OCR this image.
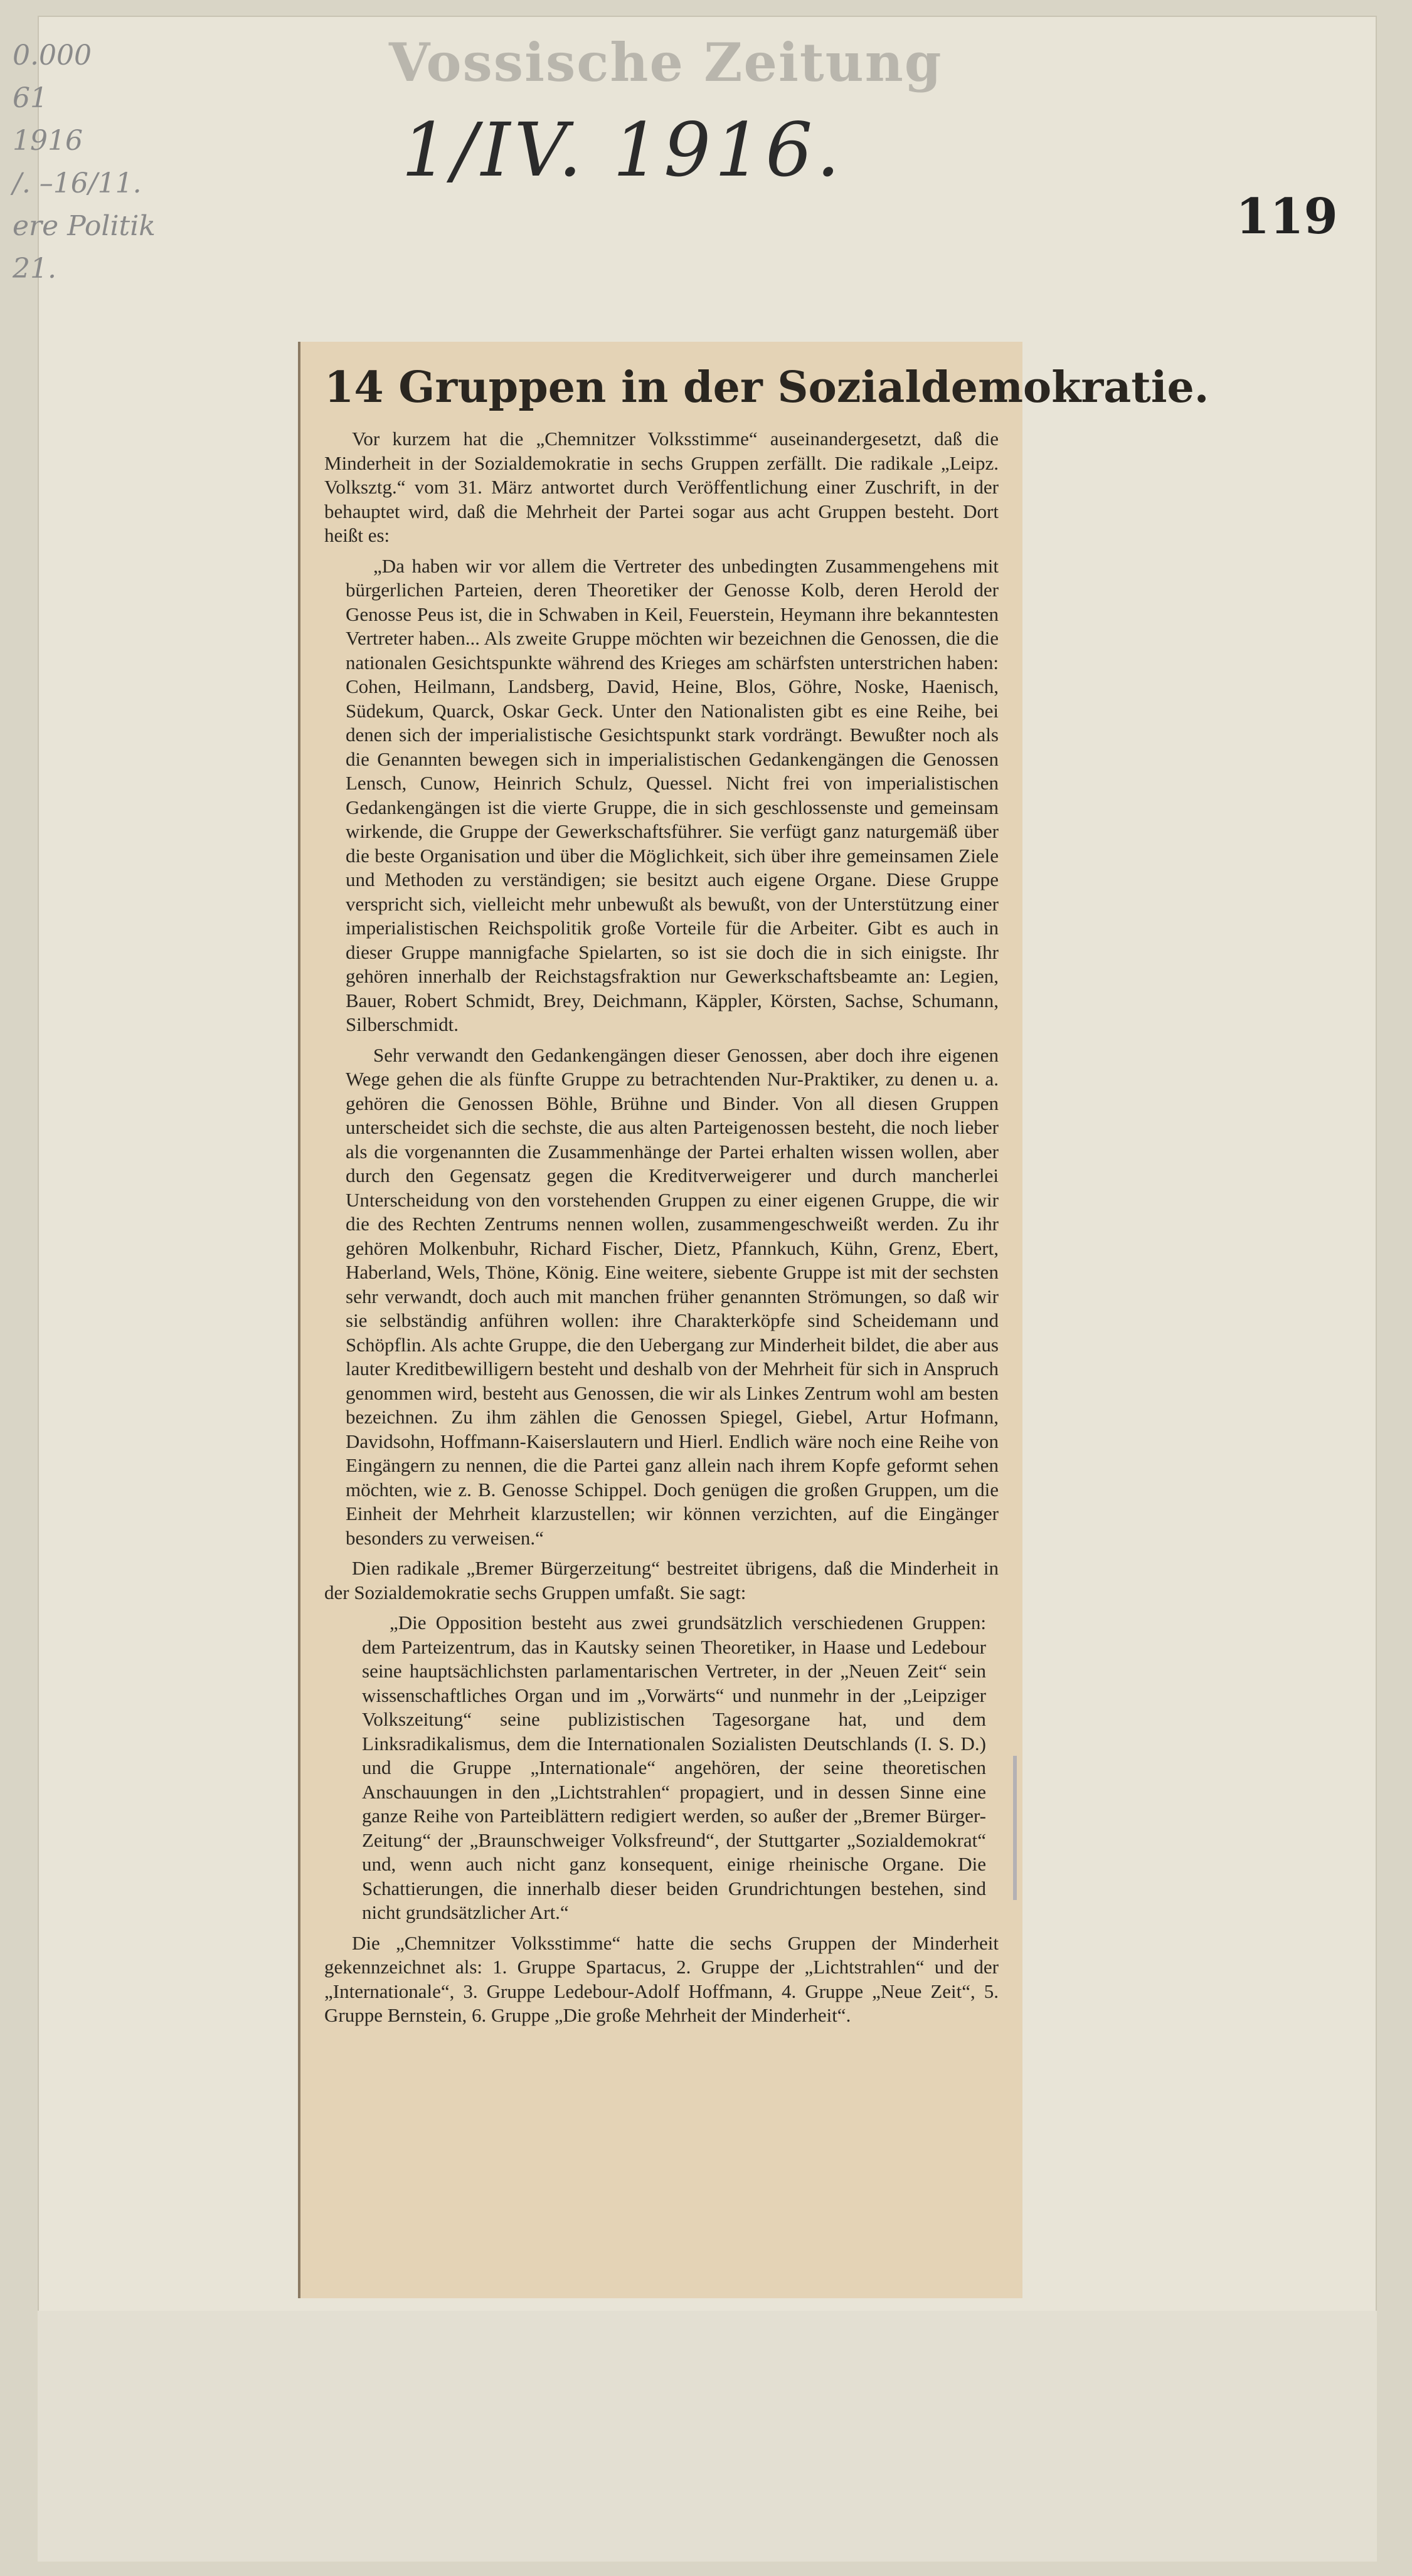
0.000
61
1916
/. –16/11.
ere Politik
21.
Vossische Zeitung
1/IV. 1916.
119
14 Gruppen in der Sozialdemokratie.

Vor kurzem hat die „Chemnitzer Volksstimme“ auseinandergesetzt, daß die Minderheit in der Sozialdemokratie in sechs Gruppen zerfällt. Die radikale „Leipz. Volksztg.“ vom 31. März antwortet durch Veröffentlichung einer Zuschrift, in der behauptet wird, daß die Mehrheit der Partei sogar aus acht Gruppen besteht. Dort heißt es:

„Da haben wir vor allem die Vertreter des unbedingten Zusammengehens mit bürgerlichen Parteien, deren Theoretiker der Genosse Kolb, deren Herold der Genosse Peus ist, die in Schwaben in Keil, Feuerstein, Heymann ihre bekanntesten Vertreter haben... Als zweite Gruppe möchten wir bezeichnen die Genossen, die die nationalen Gesichtspunkte während des Krieges am schärfsten unterstrichen haben: Cohen, Heilmann, Landsberg, David, Heine, Blos, Göhre, Noske, Haenisch, Südekum, Quarck, Oskar Geck. Unter den Nationalisten gibt es eine Reihe, bei denen sich der imperialistische Gesichtspunkt stark vordrängt. Bewußter noch als die Genannten bewegen sich in imperialistischen Gedankengängen die Genossen Lensch, Cunow, Heinrich Schulz, Quessel. Nicht frei von imperialistischen Gedankengängen ist die vierte Gruppe, die in sich geschlossenste und gemeinsam wirkende, die Gruppe der Gewerkschaftsführer. Sie verfügt ganz naturgemäß über die beste Organisation und über die Möglichkeit, sich über ihre gemeinsamen Ziele und Methoden zu verständigen; sie besitzt auch eigene Organe. Diese Gruppe verspricht sich, vielleicht mehr unbewußt als bewußt, von der Unterstützung einer imperialistischen Reichspolitik große Vorteile für die Arbeiter. Gibt es auch in dieser Gruppe mannigfache Spielarten, so ist sie doch die in sich einigste. Ihr gehören innerhalb der Reichstagsfraktion nur Gewerkschaftsbeamte an: Legien, Bauer, Robert Schmidt, Brey, Deichmann, Käppler, Körsten, Sachse, Schumann, Silberschmidt.

Sehr verwandt den Gedankengängen dieser Genossen, aber doch ihre eigenen Wege gehen die als fünfte Gruppe zu betrachtenden Nur-Praktiker, zu denen u. a. gehören die Genossen Böhle, Brühne und Binder. Von all diesen Gruppen unterscheidet sich die sechste, die aus alten Parteigenossen besteht, die noch lieber als die vorgenannten die Zusammenhänge der Partei erhalten wissen wollen, aber durch den Gegensatz gegen die Kreditverweigerer und durch mancherlei Unterscheidung von den vorstehenden Gruppen zu einer eigenen Gruppe, die wir die des Rechten Zentrums nennen wollen, zusammengeschweißt werden. Zu ihr gehören Molkenbuhr, Richard Fischer, Dietz, Pfannkuch, Kühn, Grenz, Ebert, Haberland, Wels, Thöne, König. Eine weitere, siebente Gruppe ist mit der sechsten sehr verwandt, doch auch mit manchen früher genannten Strömungen, so daß wir sie selbständig anführen wollen: ihre Charakterköpfe sind Scheidemann und Schöpflin. Als achte Gruppe, die den Uebergang zur Minderheit bildet, die aber aus lauter Kreditbewilligern besteht und deshalb von der Mehrheit für sich in Anspruch genommen wird, besteht aus Genossen, die wir als Linkes Zentrum wohl am besten bezeichnen. Zu ihm zählen die Genossen Spiegel, Giebel, Artur Hofmann, Davidsohn, Hoffmann-Kaiserslautern und Hierl. Endlich wäre noch eine Reihe von Eingängern zu nennen, die die Partei ganz allein nach ihrem Kopfe geformt sehen möchten, wie z. B. Genosse Schippel. Doch genügen die großen Gruppen, um die Einheit der Mehrheit klarzustellen; wir können verzichten, auf die Eingänger besonders zu verweisen.“

Dien radikale „Bremer Bürgerzeitung“ bestreitet übrigens, daß die Minderheit in der Sozialdemokratie sechs Gruppen umfaßt. Sie sagt:

„Die Opposition besteht aus zwei grundsätzlich verschiedenen Gruppen: dem Parteizentrum, das in Kautsky seinen Theoretiker, in Haase und Ledebour seine hauptsächlichsten parlamentarischen Vertreter, in der „Neuen Zeit“ sein wissenschaftliches Organ und im „Vorwärts“ und nunmehr in der „Leipziger Volkszeitung“ seine publizistischen Tagesorgane hat, und dem Linksradikalismus, dem die Internationalen Sozialisten Deutschlands (I. S. D.) und die Gruppe „Internationale“ angehören, der seine theoretischen Anschauungen in den „Lichtstrahlen“ propagiert, und in dessen Sinne eine ganze Reihe von Parteiblättern redigiert werden, so außer der „Bremer Bürger-Zeitung“ der „Braunschweiger Volksfreund“, der Stuttgarter „Sozialdemokrat“ und, wenn auch nicht ganz konsequent, einige rheinische Organe. Die Schattierungen, die innerhalb dieser beiden Grundrichtungen bestehen, sind nicht grundsätzlicher Art.“

Die „Chemnitzer Volksstimme“ hatte die sechs Gruppen der Minderheit gekennzeichnet als: 1. Gruppe Spartacus, 2. Gruppe der „Lichtstrahlen“ und der „Internationale“, 3. Gruppe Ledebour-Adolf Hoffmann, 4. Gruppe „Neue Zeit“, 5. Gruppe Bernstein, 6. Gruppe „Die große Mehrheit der Minderheit“.
